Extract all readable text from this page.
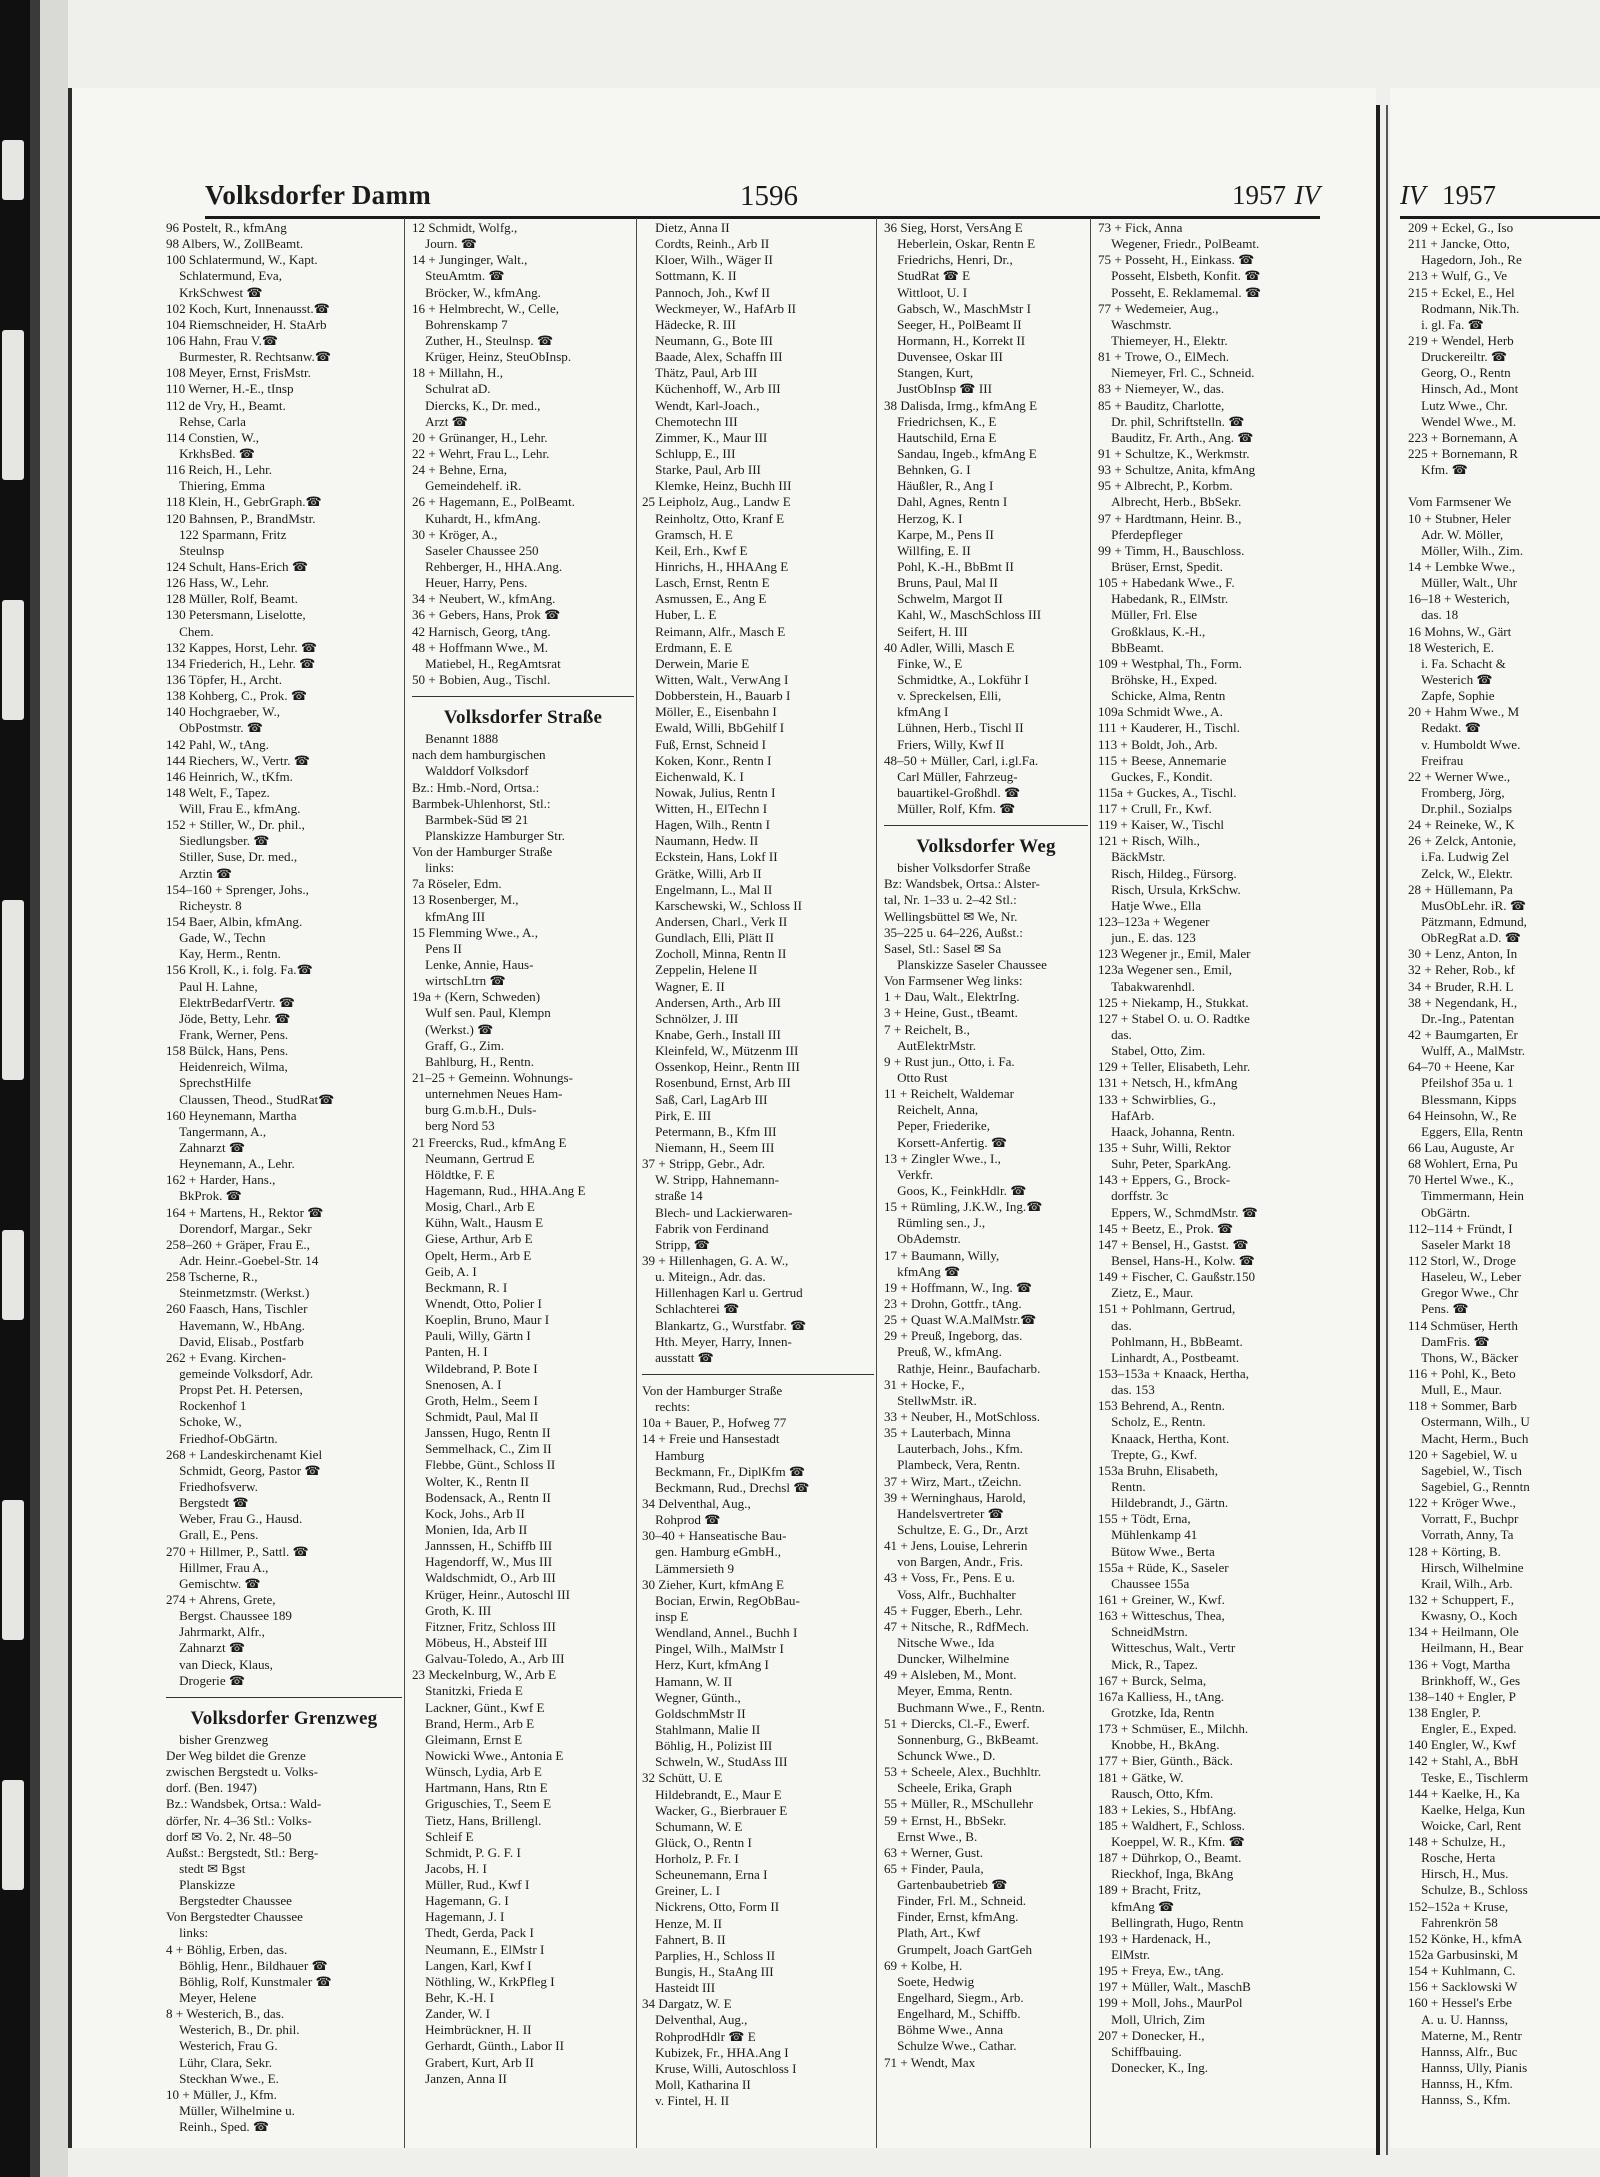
Volksdorfer Damm	1596	1957 IV	IV 1957
96 Postelt, R., kfmAng
98 Albers, W., ZollBeamt.
100 Schlatermund, W., Kapt.
 Schlatermund, Eva,
 KrkSchwest ☎
102 Koch, Kurt, Innenausst.☎
104 Riemschneider, H. StaArb
106 Hahn, Frau V.☎
 Burmester, R. Rechtsanw.☎
108 Meyer, Ernst, FrisMstr.
110 Werner, H.-E., tInsp
112 de Vry, H., Beamt.
 Rehse, Carla
114 Constien, W.,
 KrkhsBed. ☎
116 Reich, H., Lehr.
 Thiering, Emma
118 Klein, H., GebrGraph.☎
120 Bahnsen, P., BrandMstr.
 122 Sparmann, Fritz
 Steulnsp
124 Schult, Hans-Erich ☎
126 Hass, W., Lehr.
128 Müller, Rolf, Beamt.
130 Petersmann, Liselotte,
 Chem.
132 Kappes, Horst, Lehr. ☎
134 Friederich, H., Lehr. ☎
136 Töpfer, H., Archt.
138 Kohberg, C., Prok. ☎
140 Hochgraeber, W.,
 ObPostmstr. ☎
142 Pahl, W., tAng.
144 Riechers, W., Vertr. ☎
146 Heinrich, W., tKfm.
148 Welt, F., Tapez.
 Will, Frau E., kfmAng.
152 + Stiller, W., Dr. phil.,
 Siedlungsber. ☎
 Stiller, Suse, Dr. med.,
 Arztin ☎
154–160 + Sprenger, Johs.,
 Richeystr. 8
154 Baer, Albin, kfmAng.
 Gade, W., Techn
 Kay, Herm., Rentn.
156 Kroll, K., i. folg. Fa.☎
 Paul H. Lahne,
 ElektrBedarfVertr. ☎
 Jöde, Betty, Lehr. ☎
 Frank, Werner, Pens.
158 Bülck, Hans, Pens.
 Heidenreich, Wilma,
 SprechstHilfe
 Claussen, Theod., StudRat☎
160 Heynemann, Martha
 Tangermann, A.,
 Zahnarzt ☎
 Heynemann, A., Lehr.
162 + Harder, Hans.,
 BkProk. ☎
164 + Martens, H., Rektor ☎
 Dorendorf, Margar., Sekr
258–260 + Gräper, Frau E.,
 Adr. Heinr.-Goebel-Str. 14
258 Tscherne, R.,
 Steinmetzmstr. (Werkst.)
260 Faasch, Hans, Tischler
 Havemann, W., HbAng.
 David, Elisab., Postfarb
262 + Evang. Kirchen-
 gemeinde Volksdorf, Adr.
 Propst Pet. H. Petersen,
 Rockenhof 1
 Schoke, W.,
 Friedhof-ObGärtn.
268 + Landeskirchenamt Kiel
 Schmidt, Georg, Pastor ☎
 Friedhofsverw.
 Bergstedt ☎
 Weber, Frau G., Hausd.
 Grall, E., Pens.
270 + Hillmer, P., Sattl. ☎
 Hillmer, Frau A.,
 Gemischtw. ☎
274 + Ahrens, Grete,
 Bergst. Chaussee 189
 Jahrmarkt, Alfr.,
 Zahnarzt ☎
 van Dieck, Klaus,
 Drogerie ☎
Volksdorfer Grenzweg
 bisher Grenzweg
Der Weg bildet die Grenze
zwischen Bergstedt u. Volks-
dorf. (Ben. 1947)
Bz.: Wandsbek, Ortsa.: Wald-
dörfer, Nr. 4–36 Stl.: Volks-
dorf ✉ Vo. 2, Nr. 48–50
Außst.: Bergstedt, Stl.: Berg-
 stedt ✉ Bgst
 Planskizze
 Bergstedter Chaussee
Von Bergstedter Chaussee
 links:
4 + Böhlig, Erben, das.
 Böhlig, Henr., Bildhauer ☎
 Böhlig, Rolf, Kunstmaler ☎
 Meyer, Helene
8 + Westerich, B., das.
 Westerich, B., Dr. phil.
 Westerich, Frau G.
 Lühr, Clara, Sekr.
 Steckhan Wwe., E.
10 + Müller, J., Kfm.
 Müller, Wilhelmine u.
 Reinh., Sped. ☎
12 Schmidt, Wolfg.,
 Journ. ☎
14 + Junginger, Walt.,
 SteuAmtm. ☎
 Bröcker, W., kfmAng.
16 + Helmbrecht, W., Celle,
 Bohrenskamp 7
 Zuther, H., Steulnsp. ☎
 Krüger, Heinz, SteuObInsp.
18 + Millahn, H.,
 Schulrat aD.
 Diercks, K., Dr. med.,
 Arzt ☎
20 + Grünanger, H., Lehr.
22 + Wehrt, Frau L., Lehr.
24 + Behne, Erna,
 Gemeindehelf. iR.
26 + Hagemann, E., PolBeamt.
 Kuhardt, H., kfmAng.
30 + Kröger, A.,
 Saseler Chaussee 250
 Rehberger, H., HHA.Ang.
 Heuer, Harry, Pens.
34 + Neubert, W., kfmAng.
36 + Gebers, Hans, Prok ☎
42 Harnisch, Georg, tAng.
48 + Hoffmann Wwe., M.
 Matiebel, H., RegAmtsrat
50 + Bobien, Aug., Tischl.
Volksdorfer Straße
 Benannt 1888
nach dem hamburgischen
 Walddorf Volksdorf
Bz.: Hmb.-Nord, Ortsa.:
Barmbek-Uhlenhorst, Stl.:
 Barmbek-Süd ✉ 21
 Planskizze Hamburger Str.
Von der Hamburger Straße
 links:
7a Röseler, Edm.
13 Rosenberger, M.,
 kfmAng III
15 Flemming Wwe., A.,
 Pens II
 Lenke, Annie, Haus-
 wirtschLtrn ☎
19a + (Kern, Schweden)
 Wulf sen. Paul, Klempn
 (Werkst.) ☎
 Graff, G., Zim.
 Bahlburg, H., Rentn.
21–25 + Gemeinn. Wohnungs-
 unternehmen Neues Ham-
 burg G.m.b.H., Duls-
 berg Nord 53
21 Freercks, Rud., kfmAng E
 Neumann, Gertrud E
 Höldtke, F. E
 Hagemann, Rud., HHA.Ang E
 Mosig, Charl., Arb E
 Kühn, Walt., Hausm E
 Giese, Arthur, Arb E
 Opelt, Herm., Arb E
 Geib, A. I
 Beckmann, R. I
 Wnendt, Otto, Polier I
 Koeplin, Bruno, Maur I
 Pauli, Willy, Gärtn I
 Panten, H. I
 Wildebrand, P. Bote I
 Snenosen, A. I
 Groth, Helm., Seem I
 Schmidt, Paul, Mal II
 Janssen, Hugo, Rentn II
 Semmelhack, C., Zim II
 Flebbe, Günt., Schloss II
 Wolter, K., Rentn II
 Bodensack, A., Rentn II
 Kock, Johs., Arb II
 Monien, Ida, Arb II
 Jannssen, H., Schiffb III
 Hagendorff, W., Mus III
 Waldschmidt, O., Arb III
 Krüger, Heinr., Autoschl III
 Groth, K. III
 Fitzner, Fritz, Schloss III
 Möbeus, H., Absteif III
 Galvau-Toledo, A., Arb III
23 Meckelnburg, W., Arb E
 Stanitzki, Frieda E
 Lackner, Günt., Kwf E
 Brand, Herm., Arb E
 Gleimann, Ernst E
 Nowicki Wwe., Antonia E
 Wünsch, Lydia, Arb E
 Hartmann, Hans, Rtn E
 Griguschies, T., Seem E
 Tietz, Hans, Brillengl.
 Schleif E
 Schmidt, P. G. F. I
 Jacobs, H. I
 Müller, Rud., Kwf I
 Hagemann, G. I
 Hagemann, J. I
 Thedt, Gerda, Pack I
 Neumann, E., ElMstr I
 Langen, Karl, Kwf I
 Nöthling, W., KrkPfleg I
 Behr, K.-H. I
 Zander, W. I
 Heimbrückner, H. II
 Gerhardt, Günth., Labor II
 Grabert, Kurt, Arb II
 Janzen, Anna II
 Dietz, Anna II
 Cordts, Reinh., Arb II
 Kloer, Wilh., Wäger II
 Sottmann, K. II
 Pannoch, Joh., Kwf II
 Weckmeyer, W., HafArb II
 Hädecke, R. III
 Neumann, G., Bote III
 Baade, Alex, Schaffn III
 Thätz, Paul, Arb III
 Küchenhoff, W., Arb III
 Wendt, Karl-Joach.,
 Chemotechn III
 Zimmer, K., Maur III
 Schlupp, E., III
 Starke, Paul, Arb III
 Klemke, Heinz, Buchh III
25 Leipholz, Aug., Landw E
 Reinholtz, Otto, Kranf E
 Gramsch, H. E
 Keil, Erh., Kwf E
 Hinrichs, H., HHAAng E
 Lasch, Ernst, Rentn E
 Asmussen, E., Ang E
 Huber, L. E
 Reimann, Alfr., Masch E
 Erdmann, E. E
 Derwein, Marie E
 Witten, Walt., VerwAng I
 Dobberstein, H., Bauarb I
 Möller, E., Eisenbahn I
 Ewald, Willi, BbGehilf I
 Fuß, Ernst, Schneid I
 Koken, Konr., Rentn I
 Eichenwald, K. I
 Nowak, Julius, Rentn I
 Witten, H., ElTechn I
 Hagen, Wilh., Rentn I
 Naumann, Hedw. II
 Eckstein, Hans, Lokf II
 Grätke, Willi, Arb II
 Engelmann, L., Mal II
 Karschewski, W., Schloss II
 Andersen, Charl., Verk II
 Gundlach, Elli, Plätt II
 Zocholl, Minna, Rentn II
 Zeppelin, Helene II
 Wagner, E. II
 Andersen, Arth., Arb III
 Schnölzer, J. III
 Knabe, Gerh., Install III
 Kleinfeld, W., Mützenm III
 Ossenkop, Heinr., Rentn III
 Rosenbund, Ernst, Arb III
 Saß, Carl, LagArb III
 Pirk, E. III
 Petermann, B., Kfm III
 Niemann, H., Seem III
37 + Stripp, Gebr., Adr.
 W. Stripp, Hahnemann-
 straße 14
 Blech- und Lackierwaren-
 Fabrik von Ferdinand
 Stripp, ☎
39 + Hillenhagen, G. A. W.,
 u. Miteign., Adr. das.
 Hillenhagen Karl u. Gertrud
 Schlachterei ☎
 Blankartz, G., Wurstfabr. ☎
 Hth. Meyer, Harry, Innen-
 ausstatt ☎
Von der Hamburger Straße
 rechts:
10a + Bauer, P., Hofweg 77
14 + Freie und Hansestadt
 Hamburg
 Beckmann, Fr., DiplKfm ☎
 Beckmann, Rud., Drechsl ☎
34 Delventhal, Aug.,
 Rohprod ☎
30–40 + Hanseatische Bau-
 gen. Hamburg eGmbH.,
 Lämmersieth 9
30 Zieher, Kurt, kfmAng E
 Bocian, Erwin, RegObBau-
 insp E
 Wendland, Annel., Buchh I
 Pingel, Wilh., MalMstr I
 Herz, Kurt, kfmAng I
 Hamann, W. II
 Wegner, Günth.,
 GoldschmMstr II
 Stahlmann, Malie II
 Böhlig, H., Polizist III
 Schweln, W., StudAss III
32 Schütt, U. E
 Hildebrandt, E., Maur E
 Wacker, G., Bierbrauer E
 Schumann, W. E
 Glück, O., Rentn I
 Horholz, P. Fr. I
 Scheunemann, Erna I
 Greiner, L. I
 Nickrens, Otto, Form II
 Henze, M. II
 Fahnert, B. II
 Parplies, H., Schloss II
 Bungis, H., StaAng III
 Hasteidt III
34 Dargatz, W. E
 Delventhal, Aug.,
 RohprodHdlr ☎ E
 Kubizek, Fr., HHA.Ang I
 Kruse, Willi, Autoschloss I
 Moll, Katharina II
 v. Fintel, H. II
36 Sieg, Horst, VersAng E
 Heberlein, Oskar, Rentn E
 Friedrichs, Henri, Dr.,
 StudRat ☎ E
 Wittloot, U. I
 Gabsch, W., MaschMstr I
 Seeger, H., PolBeamt II
 Hormann, H., Korrekt II
 Duvensee, Oskar III
 Stangen, Kurt,
 JustObInsp ☎ III
38 Dalisda, Irmg., kfmAng E
 Friedrichsen, K., E
 Hautschild, Erna E
 Sandau, Ingeb., kfmAng E
 Behnken, G. I
 Häußler, R., Ang I
 Dahl, Agnes, Rentn I
 Herzog, K. I
 Karpe, M., Pens II
 Willfing, E. II
 Pohl, K.-H., BbBmt II
 Bruns, Paul, Mal II
 Schwelm, Margot II
 Kahl, W., MaschSchloss III
 Seifert, H. III
40 Adler, Willi, Masch E
 Finke, W., E
 Schmidtke, A., Lokführ I
 v. Spreckelsen, Elli,
 kfmAng I
 Lühnen, Herb., Tischl II
 Friers, Willy, Kwf II
48–50 + Müller, Carl, i.gl.Fa.
 Carl Müller, Fahrzeug-
 bauartikel-Großhdl. ☎
 Müller, Rolf, Kfm. ☎
Volksdorfer Weg
 bisher Volksdorfer Straße
Bz: Wandsbek, Ortsa.: Alster-
tal, Nr. 1–33 u. 2–42 Stl.:
Wellingsbüttel ✉ We, Nr.
35–225 u. 64–226, Außst.:
Sasel, Stl.: Sasel ✉ Sa
 Planskizze Saseler Chaussee
Von Farmsener Weg links:
1 + Dau, Walt., ElektrIng.
3 + Heine, Gust., tBeamt.
7 + Reichelt, B.,
 AutElektrMstr.
9 + Rust jun., Otto, i. Fa.
 Otto Rust
11 + Reichelt, Waldemar
 Reichelt, Anna,
 Peper, Friederike,
 Korsett-Anfertig. ☎
13 + Zingler Wwe., I.,
 Verkfr.
 Goos, K., FeinkHdlr. ☎
15 + Rümling, J.K.W., Ing.☎
 Rümling sen., J.,
 ObAdemstr.
17 + Baumann, Willy,
 kfmAng ☎
19 + Hoffmann, W., Ing. ☎
23 + Drohn, Gottfr., tAng.
25 + Quast W.A.MalMstr.☎
29 + Preuß, Ingeborg, das.
 Preuß, W., kfmAng.
 Rathje, Heinr., Baufacharb.
31 + Hocke, F.,
 StellwMstr. iR.
33 + Neuber, H., MotSchloss.
35 + Lauterbach, Minna
 Lauterbach, Johs., Kfm.
 Plambeck, Vera, Rentn.
37 + Wirz, Mart., tZeichn.
39 + Werninghaus, Harold,
 Handelsvertreter ☎
 Schultze, E. G., Dr., Arzt
41 + Jens, Louise, Lehrerin
 von Bargen, Andr., Fris.
43 + Voss, Fr., Pens. E u.
 Voss, Alfr., Buchhalter
45 + Fugger, Eberh., Lehr.
47 + Nitsche, R., RdfMech.
 Nitsche Wwe., Ida
 Duncker, Wilhelmine
49 + Alsleben, M., Mont.
 Meyer, Emma, Rentn.
 Buchmann Wwe., F., Rentn.
51 + Diercks, Cl.-F., Ewerf.
 Sonnenburg, G., BkBeamt.
 Schunck Wwe., D.
53 + Scheele, Alex., Buchhltr.
 Scheele, Erika, Graph
55 + Müller, R., MSchullehr
59 + Ernst, H., BbSekr.
 Ernst Wwe., B.
63 + Werner, Gust.
65 + Finder, Paula,
 Gartenbaubetrieb ☎
 Finder, Frl. M., Schneid.
 Finder, Ernst, kfmAng.
 Plath, Art., Kwf
 Grumpelt, Joach GartGeh
69 + Kolbe, H.
 Soete, Hedwig
 Engelhard, Siegm., Arb.
 Engelhard, M., Schiffb.
 Böhme Wwe., Anna
 Schulze Wwe., Cathar.
71 + Wendt, Max
73 + Fick, Anna
 Wegener, Friedr., PolBeamt.
75 + Posseht, H., Einkass. ☎
 Posseht, Elsbeth, Konfit. ☎
 Posseht, E. Reklamemal. ☎
77 + Wedemeier, Aug.,
 Waschmstr.
 Thiemeyer, H., Elektr.
81 + Trowe, O., ElMech.
 Niemeyer, Frl. C., Schneid.
83 + Niemeyer, W., das.
85 + Bauditz, Charlotte,
 Dr. phil, Schriftstelln. ☎
 Bauditz, Fr. Arth., Ang. ☎
91 + Schultze, K., Werkmstr.
93 + Schultze, Anita, kfmAng
95 + Albrecht, P., Korbm.
 Albrecht, Herb., BbSekr.
97 + Hardtmann, Heinr. B.,
 Pferdepfleger
99 + Timm, H., Bauschloss.
 Brüser, Ernst, Spedit.
105 + Habedank Wwe., F.
 Habedank, R., ElMstr.
 Müller, Frl. Else
 Großklaus, K.-H.,
 BbBeamt.
109 + Westphal, Th., Form.
 Bröhske, H., Exped.
 Schicke, Alma, Rentn
109a Schmidt Wwe., A.
111 + Kauderer, H., Tischl.
113 + Boldt, Joh., Arb.
115 + Beese, Annemarie
 Guckes, F., Kondit.
115a + Guckes, A., Tischl.
117 + Crull, Fr., Kwf.
119 + Kaiser, W., Tischl
121 + Risch, Wilh.,
 BäckMstr.
 Risch, Hildeg., Fürsorg.
 Risch, Ursula, KrkSchw.
 Hatje Wwe., Ella
123–123a + Wegener
 jun., E. das. 123
123 Wegener jr., Emil, Maler
123a Wegener sen., Emil,
 Tabakwarenhdl.
125 + Niekamp, H., Stukkat.
127 + Stabel O. u. O. Radtke
 das.
 Stabel, Otto, Zim.
129 + Teller, Elisabeth, Lehr.
131 + Netsch, H., kfmAng
133 + Schwirblies, G.,
 HafArb.
 Haack, Johanna, Rentn.
135 + Suhr, Willi, Rektor
 Suhr, Peter, SparkAng.
143 + Eppers, G., Brock-
 dorffstr. 3c
 Eppers, W., SchmdMstr. ☎
145 + Beetz, E., Prok. ☎
147 + Bensel, H., Gastst. ☎
 Bensel, Hans-H., Kolw. ☎
149 + Fischer, C. Gaußstr.150
 Zietz, E., Maur.
151 + Pohlmann, Gertrud,
 das.
 Pohlmann, H., BbBeamt.
 Linhardt, A., Postbeamt.
153–153a + Knaack, Hertha,
 das. 153
153 Behrend, A., Rentn.
 Scholz, E., Rentn.
 Knaack, Hertha, Kont.
 Trepte, G., Kwf.
153a Bruhn, Elisabeth,
 Rentn.
 Hildebrandt, J., Gärtn.
155 + Tödt, Erna,
 Mühlenkamp 41
 Bütow Wwe., Berta
155a + Rüde, K., Saseler
 Chaussee 155a
161 + Greiner, W., Kwf.
163 + Witteschus, Thea,
 SchneidMstrn.
 Witteschus, Walt., Vertr
 Mick, R., Tapez.
167 + Burck, Selma,
167a Kalliess, H., tAng.
 Grotzke, Ida, Rentn
173 + Schmüser, E., Milchh.
 Knobbe, H., BkAng.
177 + Bier, Günth., Bäck.
181 + Gätke, W.
 Rausch, Otto, Kfm.
183 + Lekies, S., HbfAng.
185 + Waldhert, F., Schloss.
 Koeppel, W. R., Kfm. ☎
187 + Dührkop, O., Beamt.
 Rieckhof, Inga, BkAng
189 + Bracht, Fritz,
 kfmAng ☎
 Bellingrath, Hugo, Rentn
193 + Hardenack, H.,
 ElMstr.
195 + Freya, Ew., tAng.
197 + Müller, Walt., MaschB
199 + Moll, Johs., MaurPol
 Moll, Ulrich, Zim
207 + Donecker, H.,
 Schiffbauing.
 Donecker, K., Ing.
209 + Eckel, G., Iso
211 + Jancke, Otto,
 Hagedorn, Joh., Re
213 + Wulf, G., Ve
215 + Eckel, E., Hel
 Rodmann, Nik.Th.
 i. gl. Fa. ☎
219 + Wendel, Herb
 Druckereiltr. ☎
 Georg, O., Rentn
 Hinsch, Ad., Mont
 Lutz Wwe., Chr.
 Wendel Wwe., M.
223 + Bornemann, A
225 + Bornemann, R
 Kfm. ☎
Vom Farmsener We
10 + Stubner, Heler
 Adr. W. Möller,
 Möller, Wilh., Zim.
14 + Lembke Wwe.,
 Müller, Walt., Uhr
16–18 + Westerich,
 das. 18
16 Mohns, W., Gärt
18 Westerich, E.
 i. Fa. Schacht &
 Westerich ☎
 Zapfe, Sophie
20 + Hahm Wwe., M
 Redakt. ☎
 v. Humboldt Wwe.
 Freifrau
22 + Werner Wwe.,
 Fromberg, Jörg,
 Dr.phil., Sozialps
24 + Reineke, W., K
26 + Zelck, Antonie,
 i.Fa. Ludwig Zel
 Zelck, W., Elektr.
28 + Hüllemann, Pa
 MusObLehr. iR. ☎
 Pätzmann, Edmund,
 ObRegRat a.D. ☎
30 + Lenz, Anton, In
32 + Reher, Rob., kf
34 + Bruder, R.H. L
38 + Negendank, H.,
 Dr.-Ing., Patentan
42 + Baumgarten, Er
 Wulff, A., MalMstr.
64–70 + Heene, Kar
 Pfeilshof 35a u. 1
 Blessmann, Kipps
64 Heinsohn, W., Re
 Eggers, Ella, Rentn
66 Lau, Auguste, Ar
68 Wohlert, Erna, Pu
70 Hertel Wwe., K.,
 Timmermann, Hein
 ObGärtn.
112–114 + Fründt, I
 Saseler Markt 18
112 Storl, W., Droge
 Haseleu, W., Leber
 Gregor Wwe., Chr
 Pens. ☎
114 Schmüser, Herth
 DamFris. ☎
 Thons, W., Bäcker
116 + Pohl, K., Beto
 Mull, E., Maur.
118 + Sommer, Barb
 Ostermann, Wilh., U
 Macht, Herm., Buch
120 + Sagebiel, W. u
 Sagebiel, W., Tisch
 Sagebiel, G., Renntn
122 + Kröger Wwe.,
 Vorratt, F., Buchpr
 Vorrath, Anny, Ta
128 + Körting, B.
 Hirsch, Wilhelmine
 Krail, Wilh., Arb.
132 + Schuppert, F.,
 Kwasny, O., Koch
134 + Heilmann, Ole
 Heilmann, H., Bear
136 + Vogt, Martha
 Brinkhoff, W., Ges
138–140 + Engler, P
138 Engler, P.
 Engler, E., Exped.
140 Engler, W., Kwf
142 + Stahl, A., BbH
 Teske, E., Tischlerm
144 + Kaelke, H., Ka
 Kaelke, Helga, Kun
 Woicke, Carl, Rent
148 + Schulze, H.,
 Rosche, Herta
 Hirsch, H., Mus.
 Schulze, B., Schloss
152–152a + Kruse,
 Fahrenkrön 58
152 Könke, H., kfmA
152a Garbusinski, M
154 + Kuhlmann, C.
156 + Sacklowski W
160 + Hessel's Erbe
 A. u. U. Hannss,
 Materne, M., Rentr
 Hannss, Alfr., Buc
 Hannss, Ully, Pianis
 Hannss, H., Kfm.
 Hannss, S., Kfm.
